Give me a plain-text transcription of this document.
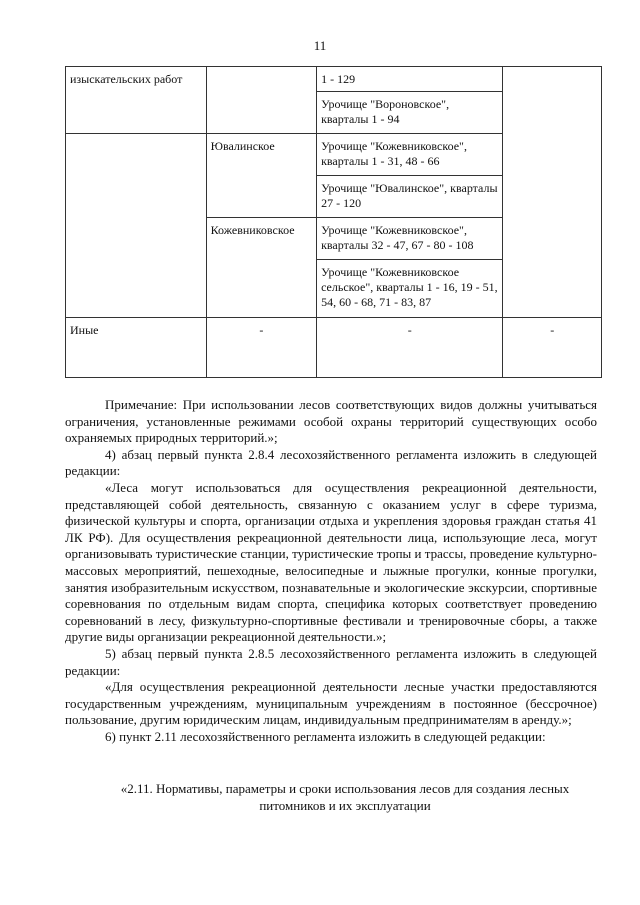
11
изыскательских работ		1 - 129	
		Урочище "Вороновское", кварталы 1 - 94	
	Ювалинское	Урочище "Кожевниковское", кварталы 1 - 31, 48 - 66	
		Урочище "Ювалинское", кварталы 27 - 120	
	Кожевниковское	Урочище "Кожевниковское", кварталы 32 - 47, 67 - 80 - 108	
		Урочище "Кожевниковское сельское", кварталы 1 - 16, 19 - 51, 54, 60 - 68, 71 - 83, 87	
Иные	-	-	-

Примечание: При использовании лесов соответствующих видов должны учитываться ограничения, установленные режимами особой охраны территорий существующих особо охраняемых природных территорий.»;

4) абзац первый пункта 2.8.4 лесохозяйственного регламента изложить в следующей редакции:

«Леса могут использоваться для осуществления рекреационной деятельности, представляющей собой деятельность, связанную с оказанием услуг в сфере туризма, физической культуры и спорта, организации отдыха и укрепления здоровья граждан статья 41 ЛК РФ). Для осуществления рекреационной деятельности лица, использующие леса, могут организовывать туристические станции, туристические тропы и трассы, проведение культурно-массовых мероприятий, пешеходные, велосипедные и лыжные прогулки, конные прогулки, занятия изобразительным искусством, познавательные и экологические экскурсии, спортивные соревнования по отдельным видам спорта, специфика которых соответствует проведению соревнований в лесу, физкультурно-спортивные фестивали и тренировочные сборы, а также другие виды организации рекреационной деятельности.»;

5) абзац первый пункта 2.8.5 лесохозяйственного регламента изложить в следующей редакции:

«Для осуществления рекреационной деятельности лесные участки предоставляются государственным учреждениям, муниципальным учреждениям в постоянное (бессрочное) пользование, другим юридическим лицам, индивидуальным предпринимателям в аренду.»;

6) пункт 2.11 лесохозяйственного регламента изложить в следующей редакции:

«2.11. Нормативы, параметры и сроки использования лесов для создания лесных питомников и их эксплуатации
